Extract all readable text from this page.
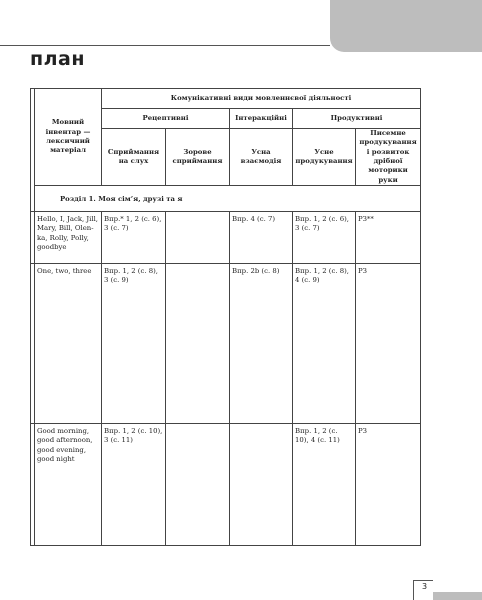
план
	Мовний інвентар — лексичний матеріал	Комунікативні види мовленнєвої діяльності				
		Рецептивні		Інтеракційні	Продуктивні	
		Сприймання на слух	Зорове сприймання	Усна взаємодія	Усне продукування	Писемне продукування і розвиток дрібної моторики руки
	Розділ 1. Моя сім’я, друзі та я					
	Hello, I, Jack, Jill, Mary, Bill, Olen-ka, Rolly, Polly, goodbye	Впр.* 1, 2 (с. 6), 3 (с. 7)		Впр. 4 (с. 7)	Впр. 1, 2 (с. 6), 3 (с. 7)	РЗ**
	One, two, three	Впр. 1, 2 (с. 8), 3 (с. 9)		Впр. 2b (с. 8)	Впр. 1, 2 (с. 8), 4 (с. 9)	РЗ
	Good morning, good afternoon, good evening, good night	Впр. 1, 2 (с. 10), 3 (с. 11)			Впр. 1, 2 (с. 10), 4 (с. 11)	РЗ
3
